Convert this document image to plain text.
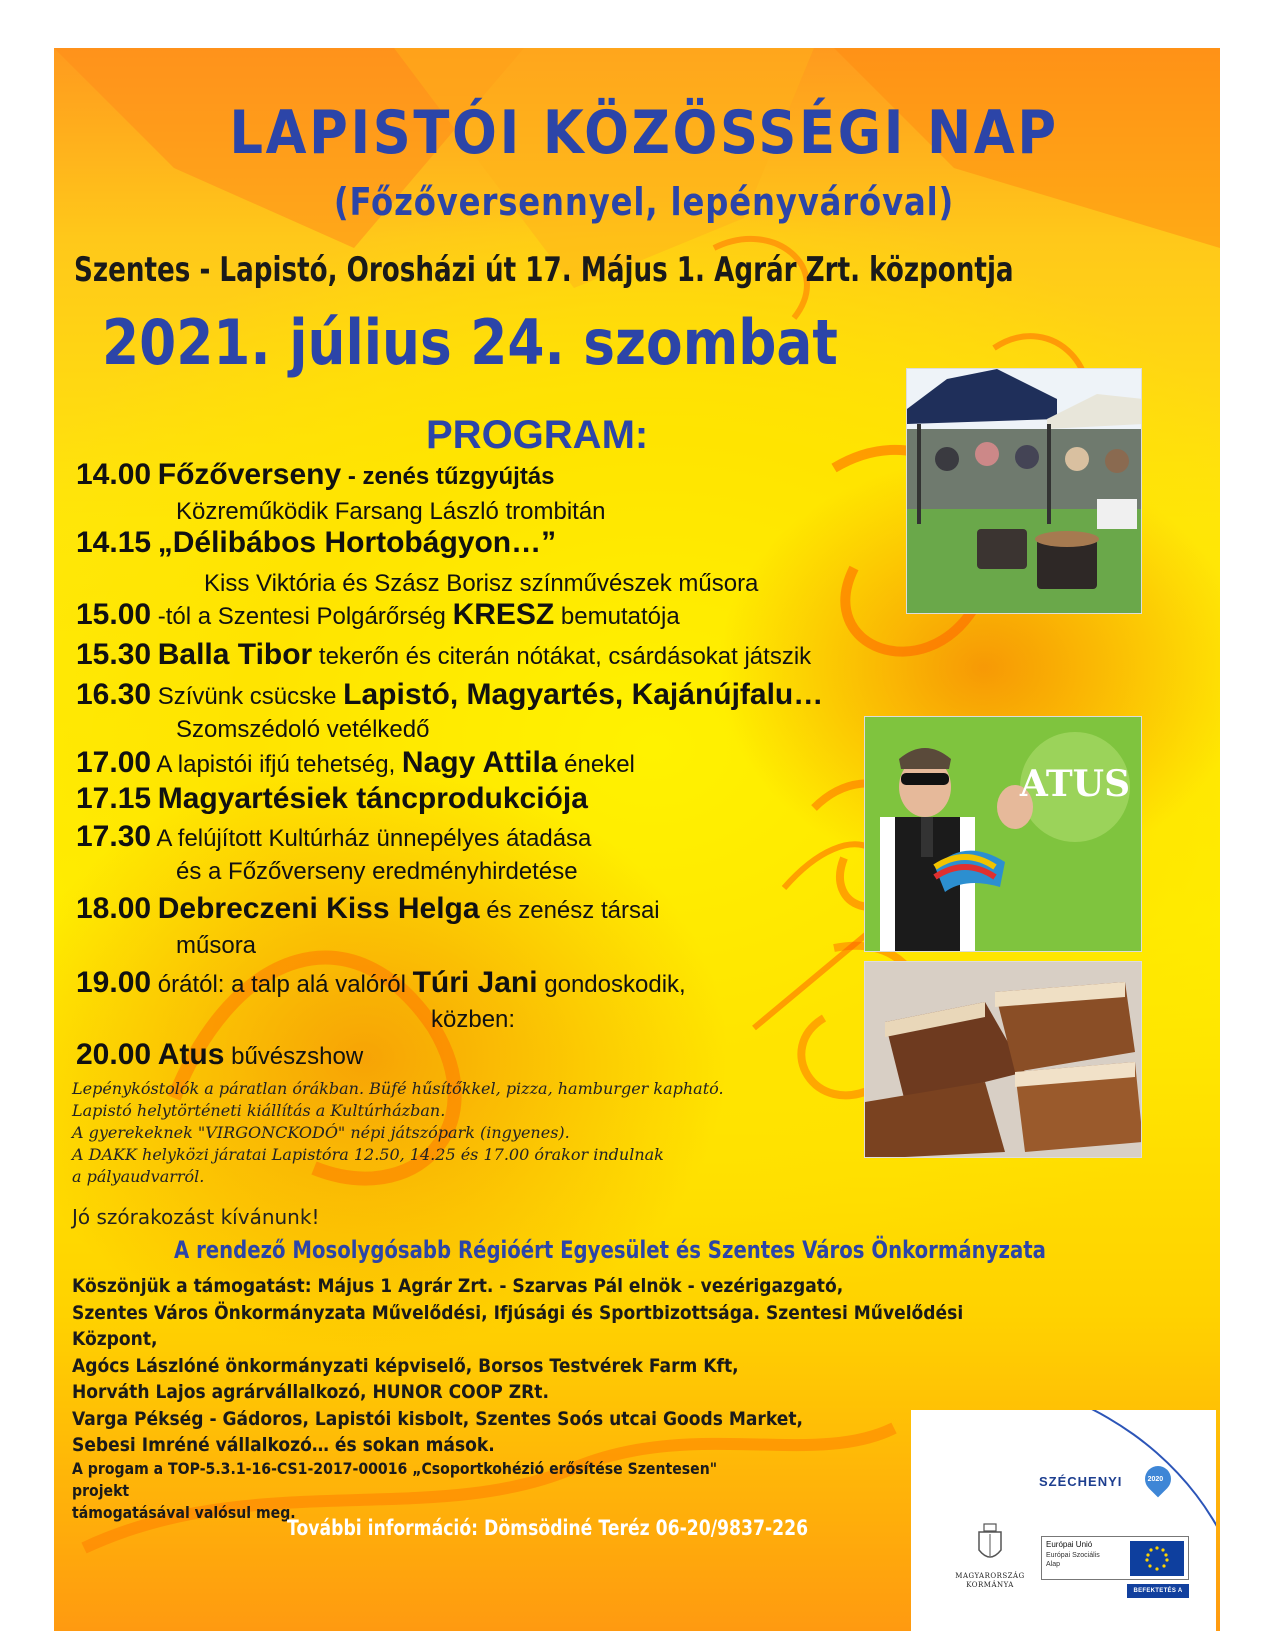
LAPISTÓI KÖZÖSSÉGI NAP
(Főzőversennyel, lepényváróval)
Szentes - Lapistó, Orosházi út 17. Május 1. Agrár Zrt. központja
2021. július 24. szombat
PROGRAM:
14.00 Főzőverseny - zenés tűzgyújtás
Közreműködik Farsang László trombitán
14.15 „Délibábos Hortobágyon…”
Kiss Viktória és Szász Borisz színművészek műsora
15.00 -tól a Szentesi Polgárőrség KRESZ bemutatója
15.30 Balla Tibor tekerőn és citerán nótákat, csárdásokat játszik
16.30 Szívünk csücske Lapistó, Magyartés, Kajánújfalu…
Szomszédoló vetélkedő
17.00 A lapistói ifjú tehetség, Nagy Attila énekel
17.15 Magyartésiek táncprodukciója
17.30 A felújított Kultúrház ünnepélyes átadása
és a Főzőverseny eredményhirdetése
18.00 Debreczeni Kiss Helga és zenész társai
műsora
19.00 órától: a talp alá valóról Túri Jani gondoskodik,
közben:
20.00 Atus bűvészshow
Lepénykóstolók a páratlan órákban. Büfé hűsítőkkel, pizza, hamburger kapható.
Lapistó helytörténeti kiállítás a Kultúrházban.
A gyerekeknek "VIRGONCKODÓ" népi játszópark (ingyenes).
A DAKK helyközi járatai Lapistóra 12.50, 14.25 és 17.00 órakor indulnak
a pályaudvarról.
Jó szórakozást kívánunk!
A rendező Mosolygósabb Régióért Egyesület és Szentes Város Önkormányzata
Köszönjük a támogatást: Május 1 Agrár Zrt. - Szarvas Pál elnök - vezérigazgató,
Szentes Város Önkormányzata Művelődési, Ifjúsági és Sportbizottsága. Szentesi Művelődési Központ,
Agócs Lászlóné önkormányzati képviselő, Borsos Testvérek Farm Kft,
Horváth Lajos agrárvállalkozó, HUNOR COOP ZRt.
Varga Pékség - Gádoros, Lapistói kisbolt, Szentes Soós utcai Goods Market,
Sebesi Imréné vállalkozó… és sokan mások.
A progam a TOP-5.3.1-16-CS1-2017-00016 „Csoportkohézió erősítése Szentesen" projekt
támogatásával valósul meg.
További információ: Dömsödiné Teréz 06-20/9837-226
ATUS
SZÉCHENYI	2020
MAGYARORSZÁG
KORMÁNYA
Európai Unió
Európai Szociális
Alap
BEFEKTETÉS A JÖVŐBE
